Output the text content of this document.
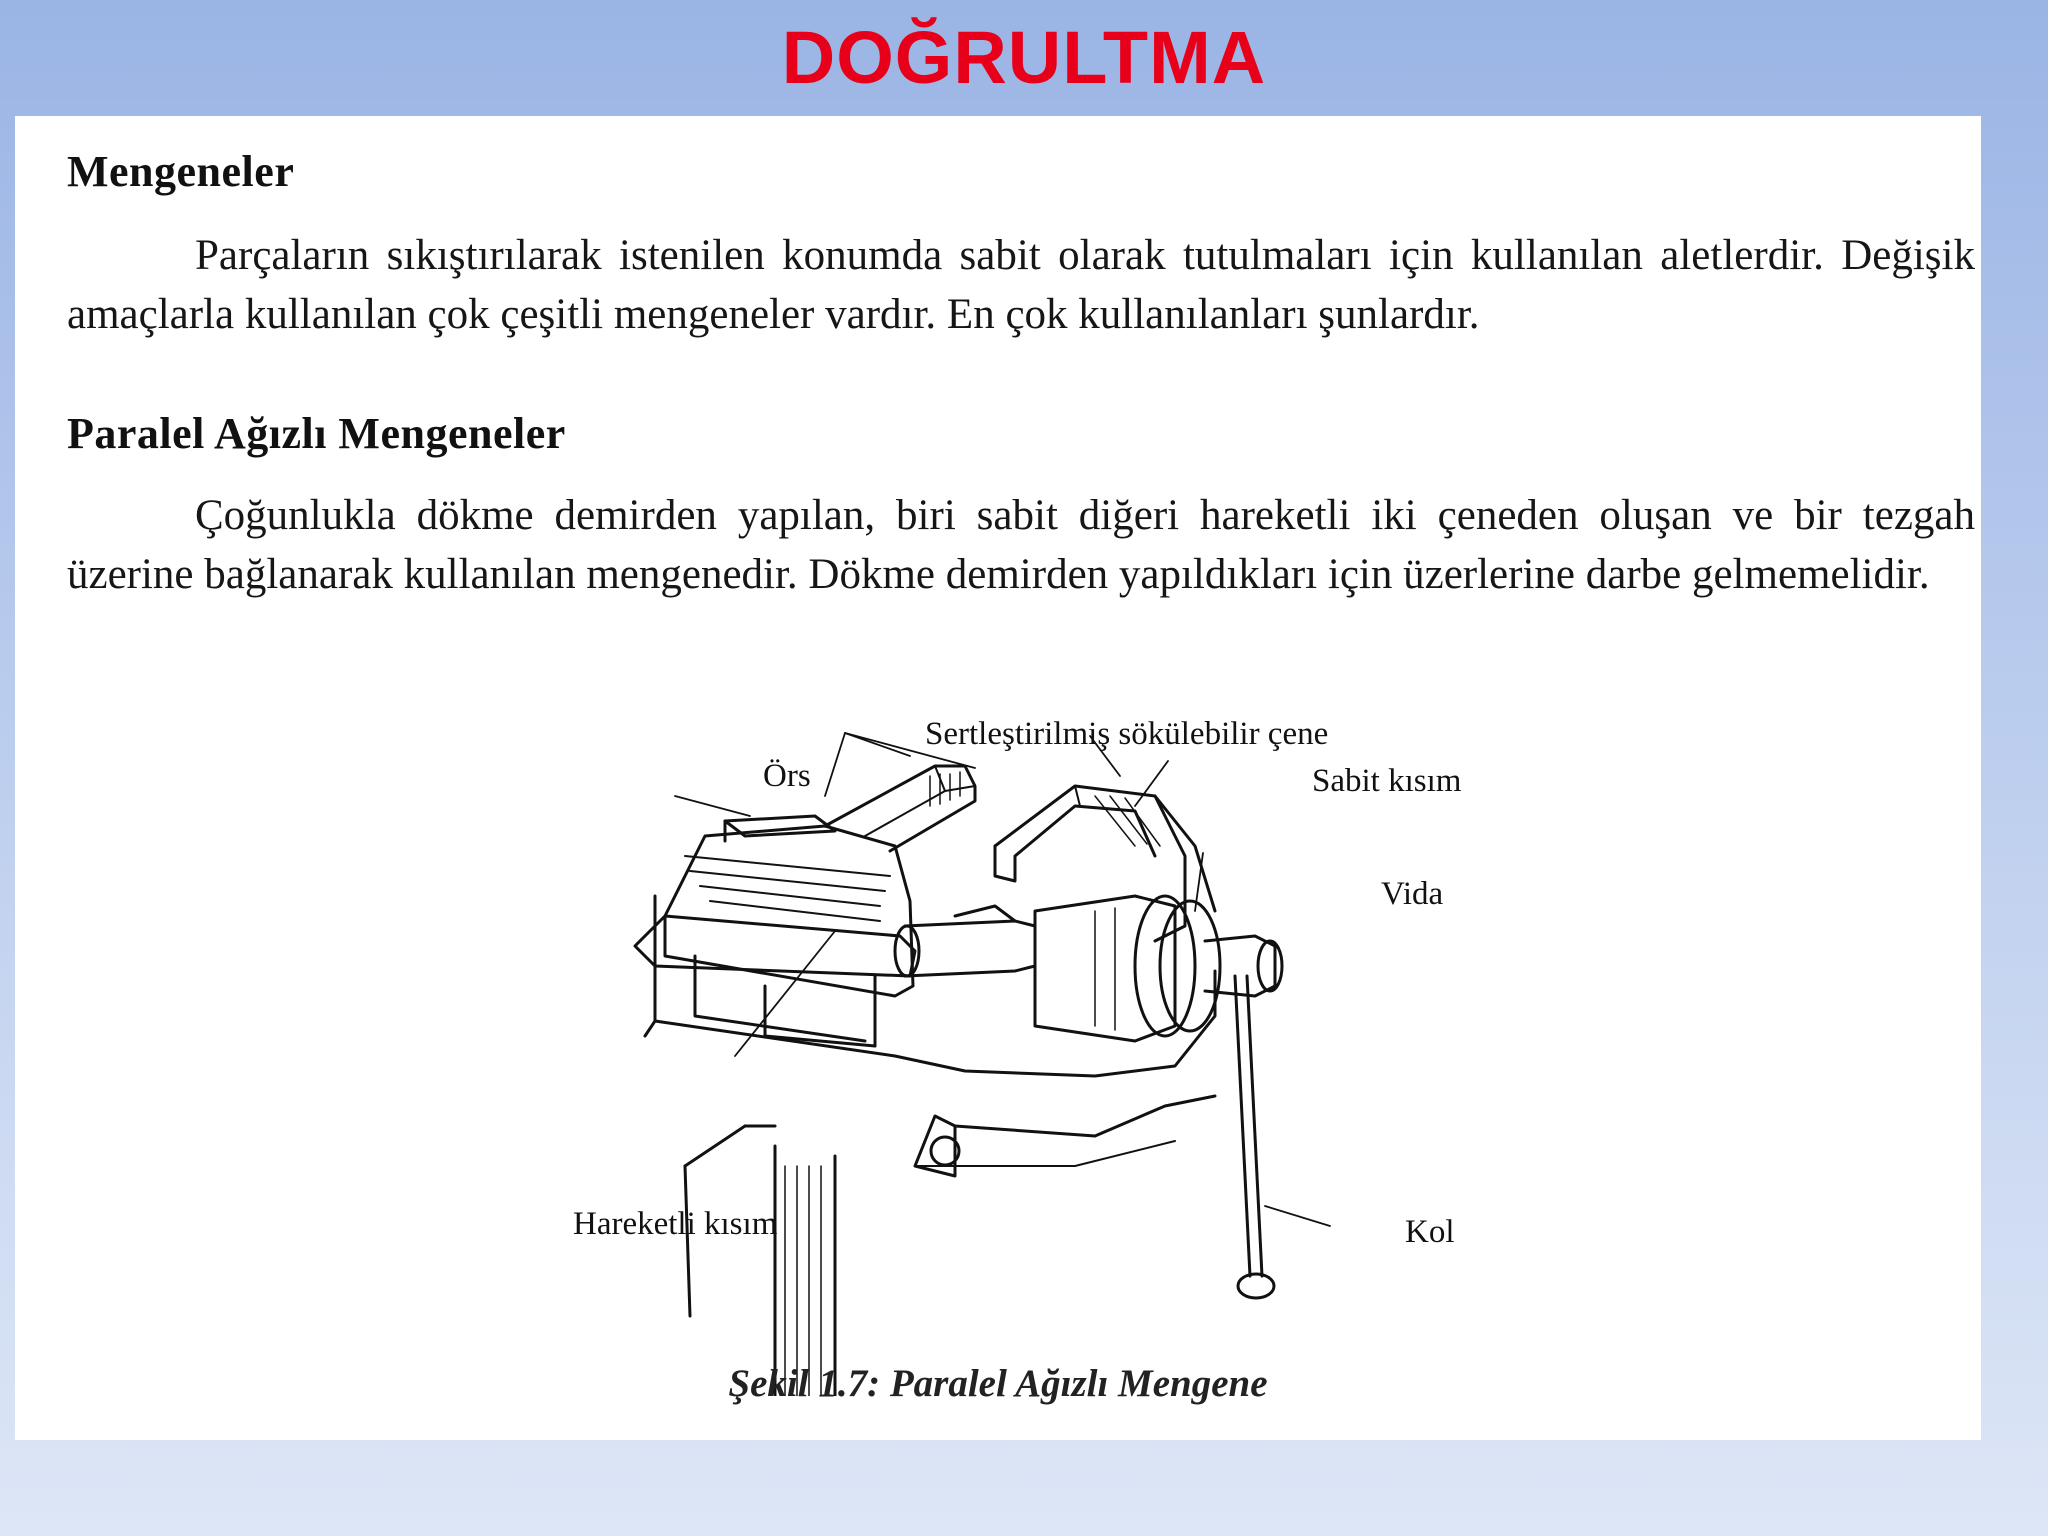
DOĞRULTMA
Mengeneler

Parçaların sıkıştırılarak istenilen konumda sabit olarak tutulmaları için kullanılan aletlerdir. Değişik amaçlarla kullanılan çok çeşitli mengeneler vardır. En çok kullanılanları şunlardır.

Paralel Ağızlı Mengeneler

Çoğunlukla dökme demirden yapılan, biri sabit diğeri hareketli iki çeneden oluşan ve bir tezgah üzerine bağlanarak kullanılan mengenedir. Dökme demirden yapıldıkları için üzerlerine darbe gelmemelidir.

Sertleştirilmiş sökülebilir çene
Örs	Sabit kısım
Vida
Hareketli kısım	Kol
Şekil 1.7: Paralel Ağızlı Mengene
